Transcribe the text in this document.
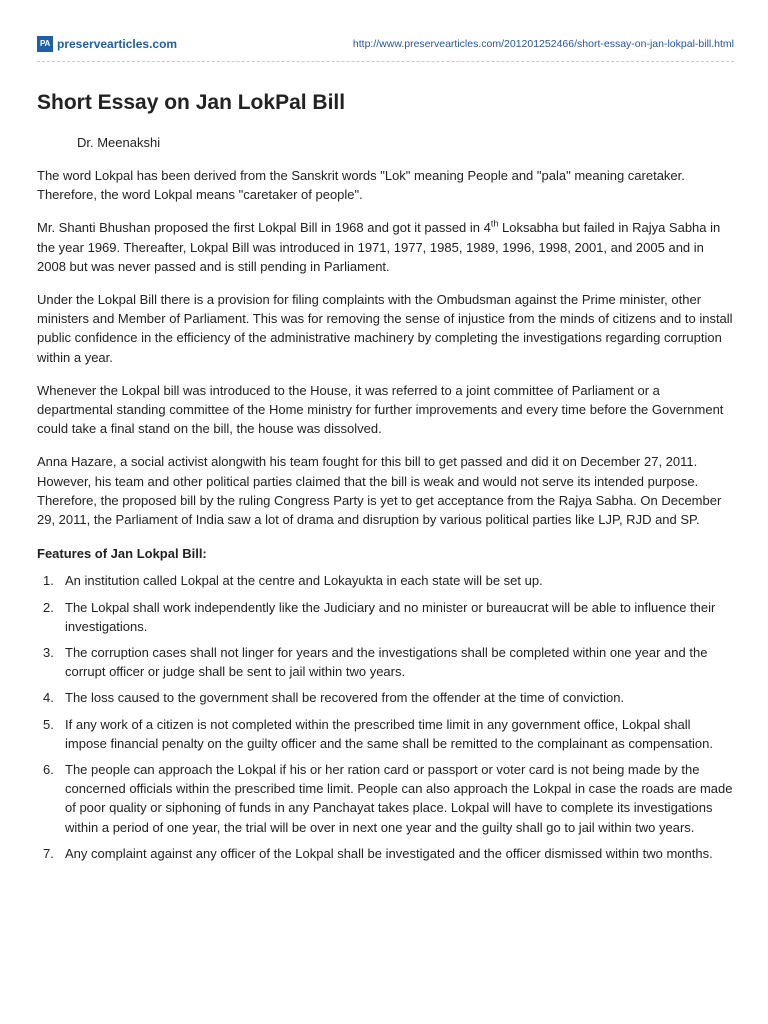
PA preservearticles.com	http://www.preservearticles.com/201201252466/short-essay-on-jan-lokpal-bill.html
Short Essay on Jan LokPal Bill
Dr. Meenakshi

The word Lokpal has been derived from the Sanskrit words "Lok" meaning People and "pala" meaning caretaker. Therefore, the word Lokpal means "caretaker of people".

Mr. Shanti Bhushan proposed the first Lokpal Bill in 1968 and got it passed in 4th Loksabha but failed in Rajya Sabha in the year 1969. Thereafter, Lokpal Bill was introduced in 1971, 1977, 1985, 1989, 1996, 1998, 2001, and 2005 and in 2008 but was never passed and is still pending in Parliament.

Under the Lokpal Bill there is a provision for filing complaints with the Ombudsman against the Prime minister, other ministers and Member of Parliament. This was for removing the sense of injustice from the minds of citizens and to install public confidence in the efficiency of the administrative machinery by completing the investigations regarding corruption within a year.

Whenever the Lokpal bill was introduced to the House, it was referred to a joint committee of Parliament or a departmental standing committee of the Home ministry for further improvements and every time before the Government could take a final stand on the bill, the house was dissolved.

Anna Hazare, a social activist alongwith his team fought for this bill to get passed and did it on December 27, 2011. However, his team and other political parties claimed that the bill is weak and would not serve its intended purpose. Therefore, the proposed bill by the ruling Congress Party is yet to get acceptance from the Rajya Sabha. On December 29, 2011, the Parliament of India saw a lot of drama and disruption by various political parties like LJP, RJD and SP.

Features of Jan Lokpal Bill:
1. An institution called Lokpal at the centre and Lokayukta in each state will be set up.
2. The Lokpal shall work independently like the Judiciary and no minister or bureaucrat will be able to influence their investigations.
3. The corruption cases shall not linger for years and the investigations shall be completed within one year and the corrupt officer or judge shall be sent to jail within two years.
4. The loss caused to the government shall be recovered from the offender at the time of conviction.
5. If any work of a citizen is not completed within the prescribed time limit in any government office, Lokpal shall impose financial penalty on the guilty officer and the same shall be remitted to the complainant as compensation.
6. The people can approach the Lokpal if his or her ration card or passport or voter card is not being made by the concerned officials within the prescribed time limit. People can also approach the Lokpal in case the roads are made of poor quality or siphoning of funds in any Panchayat takes place. Lokpal will have to complete its investigations within a period of one year, the trial will be over in next one year and the guilty shall go to jail within two years.
7. Any complaint against any officer of the Lokpal shall be investigated and the officer dismissed within two months.
